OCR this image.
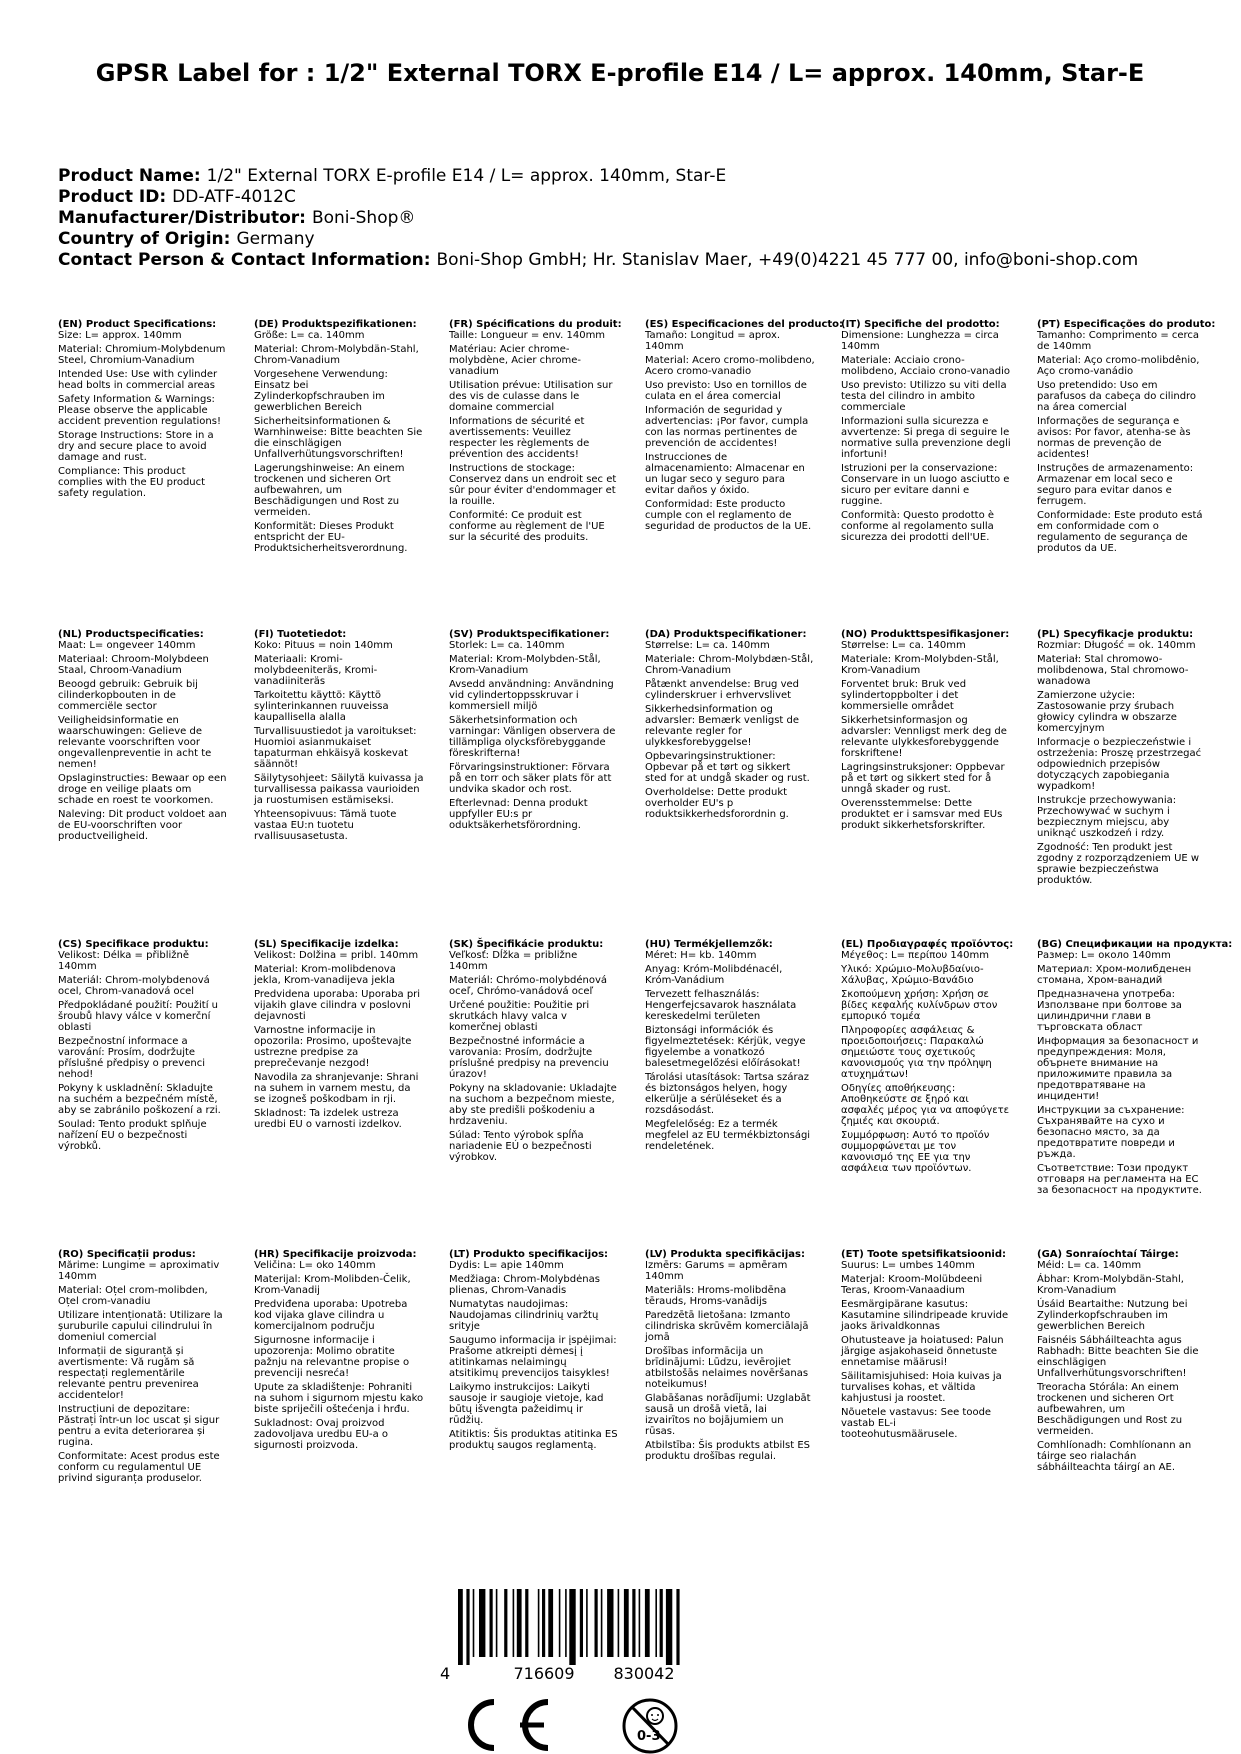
GPSR Label for : 1/2" External TORX E-profile E14 / L= approx. 140mm, Star-E
Product Name: 1/2" External TORX E-profile E14 / L= approx. 140mm, Star-E
Product ID: DD-ATF-4012C
Manufacturer/Distributor: Boni-Shop®
Country of Origin: Germany
Contact Person & Contact Information: Boni-Shop GmbH; Hr. Stanislav Maer, +49(0)4221 45 777 00, info@boni-shop.com
(EN) Product Specifications:

Size: L= approx. 140mm

Material: Chromium-Molybdenum Steel, Chromium-Vanadium

Intended Use: Use with cylinder head bolts in commercial areas

Safety Information & Warnings: Please observe the applicable accident prevention regulations!

Storage Instructions: Store in a dry and secure place to avoid damage and rust.

Compliance: This product complies with the EU product safety regulation.

(DE) Produktspezifikationen:

Größe: L= ca. 140mm

Material: Chrom-Molybdän-Stahl, Chrom-Vanadium

Vorgesehene Verwendung: Einsatz bei Zylinderkopfschrauben im gewerblichen Bereich

Sicherheitsinformationen & Warnhinweise: Bitte beachten Sie die einschlägigen Unfallverhütungsvorschriften!

Lagerungshinweise: An einem trockenen und sicheren Ort aufbewahren, um Beschädigungen und Rost zu vermeiden.

Konformität: Dieses Produkt entspricht der EU-Produktsicherheitsverordnung.

(FR) Spécifications du produit:

Taille: Longueur = env. 140mm

Matériau: Acier chrome-molybdène, Acier chrome-vanadium

Utilisation prévue: Utilisation sur des vis de culasse dans le domaine commercial

Informations de sécurité et avertissements: Veuillez respecter les règlements de prévention des accidents!

Instructions de stockage: Conservez dans un endroit sec et sûr pour éviter d'endommager et la rouille.

Conformité: Ce produit est conforme au règlement de l'UE sur la sécurité des produits.

(ES) Especificaciones del producto:

Tamaño: Longitud = aprox. 140mm

Material: Acero cromo-molibdeno, Acero cromo-vanadio

Uso previsto: Uso en tornillos de culata en el área comercial

Información de seguridad y advertencias: ¡Por favor, cumpla con las normas pertinentes de prevención de accidentes!

Instrucciones de almacenamiento: Almacenar en un lugar seco y seguro para evitar daños y óxido.

Conformidad: Este producto cumple con el reglamento de seguridad de productos de la UE.

(IT) Specifiche del prodotto:

Dimensione: Lunghezza = circa 140mm

Materiale: Acciaio crono-molibdeno, Acciaio crono-vanadio

Uso previsto: Utilizzo su viti della testa del cilindro in ambito commerciale

Informazioni sulla sicurezza e avvertenze: Si prega di seguire le normative sulla prevenzione degli infortuni!

Istruzioni per la conservazione: Conservare in un luogo asciutto e sicuro per evitare danni e ruggine.

Conformità: Questo prodotto è conforme al regolamento sulla sicurezza dei prodotti dell'UE.

(PT) Especificações do produto:

Tamanho: Comprimento = cerca de 140mm

Material: Aço cromo-molibdênio, Aço cromo-vanádio

Uso pretendido: Uso em parafusos da cabeça do cilindro na área comercial

Informações de segurança e avisos: Por favor, atenha-se às normas de prevenção de acidentes!

Instruções de armazenamento: Armazenar em local seco e seguro para evitar danos e ferrugem.

Conformidade: Este produto está em conformidade com o regulamento de segurança de produtos da UE.

(NL) Productspecificaties:

Maat: L= ongeveer 140mm

Materiaal: Chroom-Molybdeen Staal, Chroom-Vanadium

Beoogd gebruik: Gebruik bij cilinderkopbouten in de commerciële sector

Veiligheidsinformatie en waarschuwingen: Gelieve de relevante voorschriften voor ongevallenpreventie in acht te nemen!

Opslaginstructies: Bewaar op een droge en veilige plaats om schade en roest te voorkomen.

Naleving: Dit product voldoet aan de EU-voorschriften voor productveiligheid.

(FI) Tuotetiedot:

Koko: Pituus = noin 140mm

Materiaali: Kromi-molybdeeniteräs, Kromi-vanadiiniteräs

Tarkoitettu käyttö: Käyttö sylinterinkannen ruuveissa kaupallisella alalla

Turvallisuustiedot ja varoitukset: Huomioi asianmukaiset tapaturman ehkäisyä koskevat säännöt!

Säilytysohjeet: Säilytä kuivassa ja turvallisessa paikassa vaurioiden ja ruostumisen estämiseksi.

Yhteensopivuus: Tämä tuote vastaa EU:n tuotetu rvallisuusasetusta.

(SV) Produktspecifikationer:

Storlek: L= ca. 140mm

Material: Krom-Molybden-Stål, Krom-Vanadium

Avsedd användning: Användning vid cylindertoppsskruvar i kommersiell miljö

Säkerhetsinformation och varningar: Vänligen observera de tillämpliga olycksförebyggande föreskrifterna!

Förvaringsinstruktioner: Förvara på en torr och säker plats för att undvika skador och rost.

Efterlevnad: Denna produkt uppfyller EU:s pr oduktsäkerhetsförordning.

(DA) Produktspecifikationer:

Størrelse: L= ca. 140mm

Materiale: Chrom-Molybdæn-Stål, Chrom-Vanadium

Påtænkt anvendelse: Brug ved cylinderskruer i erhvervslivet

Sikkerhedsinformation og advarsler: Bemærk venligst de relevante regler for ulykkesforebyggelse!

Opbevaringsinstruktioner: Opbevar på et tørt og sikkert sted for at undgå skader og rust.

Overholdelse: Dette produkt overholder EU's p roduktsikkerhedsforordnin g.

(NO) Produkttspesifikasjoner:

Størrelse: L= ca. 140mm

Materiale: Krom-Molybden-Stål, Krom-Vanadium

Forventet bruk: Bruk ved sylindertoppbolter i det kommersielle området

Sikkerhetsinformasjon og advarsler: Vennligst merk deg de relevante ulykkesforebyggende forskriftene!

Lagringsinstruksjoner: Oppbevar på et tørt og sikkert sted for å unngå skader og rust.

Overensstemmelse: Dette produktet er i samsvar med EUs produkt sikkerhetsforskrifter.

(PL) Specyfikacje produktu:

Rozmiar: Długość = ok. 140mm

Materiał: Stal chromowo-molibdenowa, Stal chromowo-wanadowa

Zamierzone użycie: Zastosowanie przy śrubach głowicy cylindra w obszarze komercyjnym

Informacje o bezpieczeństwie i ostrzeżenia: Proszę przestrzegać odpowiednich przepisów dotyczących zapobiegania wypadkom!

Instrukcje przechowywania: Przechowywać w suchym i bezpiecznym miejscu, aby uniknąć uszkodzeń i rdzy.

Zgodność: Ten produkt jest zgodny z rozporządzeniem UE w sprawie bezpieczeństwa produktów.

(CS) Specifikace produktu:

Velikost: Délka = přibližně 140mm

Materiál: Chrom-molybdenová ocel, Chrom-vanadová ocel

Předpokládané použití: Použití u šroubů hlavy válce v komerční oblasti

Bezpečnostní informace a varování: Prosím, dodržujte příslušné předpisy o prevenci nehod!

Pokyny k uskladnění: Skladujte na suchém a bezpečném místě, aby se zabránilo poškození a rzi.

Soulad: Tento produkt splňuje nařízení EU o bezpečnosti výrobků.

(SL) Specifikacije izdelka:

Velikost: Dolžina = pribl. 140mm

Material: Krom-molibdenova jekla, Krom-vanadijeva jekla

Predvidena uporaba: Uporaba pri vijakih glave cilindra v poslovni dejavnosti

Varnostne informacije in opozorila: Prosimo, upoštevajte ustrezne predpise za preprečevanje nezgod!

Navodila za shranjevanje: Shrani na suhem in varnem mestu, da se izogneš poškodbam in rji.

Skladnost: Ta izdelek ustreza uredbi EU o varnosti izdelkov.

(SK) Špecifikácie produktu:

Veľkosť: Dĺžka = približne 140mm

Materiál: Chrómo-molybdénová oceľ, Chrómo-vanádová oceľ

Určené použitie: Použitie pri skrutkách hlavy valca v komerčnej oblasti

Bezpečnostné informácie a varovania: Prosím, dodržujte príslušné predpisy na prevenciu úrazov!

Pokyny na skladovanie: Ukladajte na suchom a bezpečnom mieste, aby ste predišli poškodeniu a hrdzaveniu.

Súlad: Tento výrobok spĺňa nariadenie EÚ o bezpečnosti výrobkov.

(HU) Termékjellemzők:

Méret: H= kb. 140mm

Anyag: Króm-Molibdénacél, Króm-Vanádium

Tervezett felhasználás: Hengerfejcsavarok használata kereskedelmi területen

Biztonsági információk és figyelmeztetések: Kérjük, vegye figyelembe a vonatkozó balesetmegelőzési előírásokat!

Tárolási utasítások: Tartsa száraz és biztonságos helyen, hogy elkerülje a sérüléseket és a rozsdásodást.

Megfelelőség: Ez a termék megfelel az EU termékbiztonsági rendeletének.

(EL) Προδιαγραφές προϊόντος:

Μέγεθος: L= περίπου 140mm

Υλικό: Χρώμιο-Μολυβδαίνιο-Χάλυβας, Χρώμιο-Βανάδιο

Σκοπούμενη χρήση: Χρήση σε βίδες κεφαλής κυλίνδρων στον εμπορικό τομέα

Πληροφορίες ασφάλειας & προειδοποιήσεις: Παρακαλώ σημειώστε τους σχετικούς κανονισμούς για την πρόληψη ατυχημάτων!

Οδηγίες αποθήκευσης: Αποθηκεύστε σε ξηρό και ασφαλές μέρος για να αποφύγετε ζημιές και σκουριά.

Συμμόρφωση: Αυτό το προϊόν συμμορφώνεται με τον κανονισμό της ΕΕ για την ασφάλεια των προϊόντων.

(BG) Спецификации на продукта:

Размер: L= около 140mm

Материал: Хром-молибденен стомана, Хром-ванадий

Предназначена употреба: Използване при болтове за цилиндрични глави в търговската област

Информация за безопасност и предупреждения: Моля, обърнете внимание на приложимите правила за предотвратяване на инциденти!

Инструкции за съхранение: Съхранявайте на сухо и безопасно място, за да предотвратите повреди и ръжда.

Съответствие: Този продукт отговаря на регламента на ЕС за безопасност на продуктите.

(RO) Specificații produs:

Mărime: Lungime = aproximativ 140mm

Material: Oțel crom-molibden, Oțel crom-vanadiu

Utilizare intenționată: Utilizare la șuruburile capului cilindrului în domeniul comercial

Informații de siguranță și avertismente: Vă rugăm să respectați reglementările relevante pentru prevenirea accidentelor!

Instrucțiuni de depozitare: Păstrați într-un loc uscat și sigur pentru a evita deteriorarea și rugina.

Conformitate: Acest produs este conform cu regulamentul UE privind siguranța produselor.

(HR) Specifikacije proizvoda:

Veličina: L= oko 140mm

Materijal: Krom-Molibden-Čelik, Krom-Vanadij

Predviđena uporaba: Upotreba kod vijaka glave cilindra u komercijalnom području

Sigurnosne informacije i upozorenja: Molimo obratite pažnju na relevantne propise o prevenciji nesreća!

Upute za skladištenje: Pohraniti na suhom i sigurnom mjestu kako biste spriječili oštećenja i hrđu.

Sukladnost: Ovaj proizvod zadovoljava uredbu EU-a o sigurnosti proizvoda.

(LT) Produkto specifikacijos:

Dydis: L= apie 140mm

Medžiaga: Chrom-Molybdėnas plienas, Chrom-Vanadis

Numatytas naudojimas: Naudojamas cilindrinių varžtų srityje

Saugumo informacija ir įspėjimai: Prašome atkreipti dėmesį į atitinkamas nelaimingų atsitikimų prevencijos taisykles!

Laikymo instrukcijos: Laikyti sausoje ir saugioje vietoje, kad būtų išvengta pažeidimų ir rūdžių.

Atitiktis: Šis produktas atitinka ES produktų saugos reglamentą.

(LV) Produkta specifikācijas:

Izmērs: Garums = apmēram 140mm

Materiāls: Hroms-molibdēna tērauds, Hroms-vanādijs

Paredzētā lietošana: Izmanto cilindriska skrūvēm komerciālajā jomā

Drošības informācija un brīdinājumi: Lūdzu, ievērojiet atbilstošās nelaimes novēršanas noteikumus!

Glabāšanas norādījumi: Uzglabāt sausā un drošā vietā, lai izvairītos no bojājumiem un rūsas.

Atbilstība: Šis produkts atbilst ES produktu drošības regulai.

(ET) Toote spetsifikatsioonid:

Suurus: L= umbes 140mm

Materjal: Kroom-Molübdeeni Teras, Kroom-Vanaadium

Eesmärgipärane kasutus: Kasutamine silindripeade kruvide jaoks ärivaldkonnas

Ohutusteave ja hoiatused: Palun järgige asjakohaseid õnnetuste ennetamise määrusi!

Säilitamisjuhised: Hoia kuivas ja turvalises kohas, et vältida kahjustusi ja roostet.

Nõuetele vastavus: See toode vastab EL-i tooteohutusmäärusele.

(GA) Sonraíochtaí Táirge:

Méid: L= ca. 140mm

Ábhar: Krom-Molybdän-Stahl, Krom-Vanadium

Úsáid Beartaithe: Nutzung bei Zylinderkopfschrauben im gewerblichen Bereich

Faisnéis Sábháilteachta agus Rabhadh: Bitte beachten Sie die einschlägigen Unfallverhütungsvorschriften!

Treoracha Stórála: An einem trockenen und sicheren Ort aufbewahren, um Beschädigungen und Rost zu vermeiden.

Comhlíonadh: Comhlíonann an táirge seo rialachán sábháilteachta táirgí an AE.

4	716609 830042
0-3
